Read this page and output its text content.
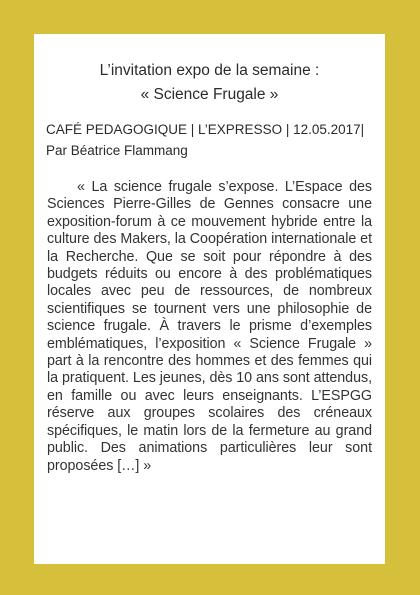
L’invitation expo de la semaine :
« Science Frugale »
CAFÉ PEDAGOGIQUE | L’EXPRESSO | 12.05.2017|
Par Béatrice Flammang

« La science frugale s’expose. L’Espace des Sciences Pierre-Gilles de Gennes consacre une exposition-forum à ce mouvement hybride entre la culture des Makers, la Coopération internationale et la Recherche. Que se soit pour répondre à des budgets réduits ou encore à des problématiques locales avec peu de ressources, de nombreux scientifiques se tournent vers une philosophie de science frugale. À travers le prisme d’exemples emblématiques, l’exposition « Science Frugale » part à la rencontre des hommes et des femmes qui la pratiquent. Les jeunes, dès 10 ans sont attendus, en famille ou avec leurs enseignants. L’ESPGG réserve aux groupes scolaires des créneaux spécifiques, le matin lors de la fermeture au grand public. Des animations particulières leur sont proposées […] »
